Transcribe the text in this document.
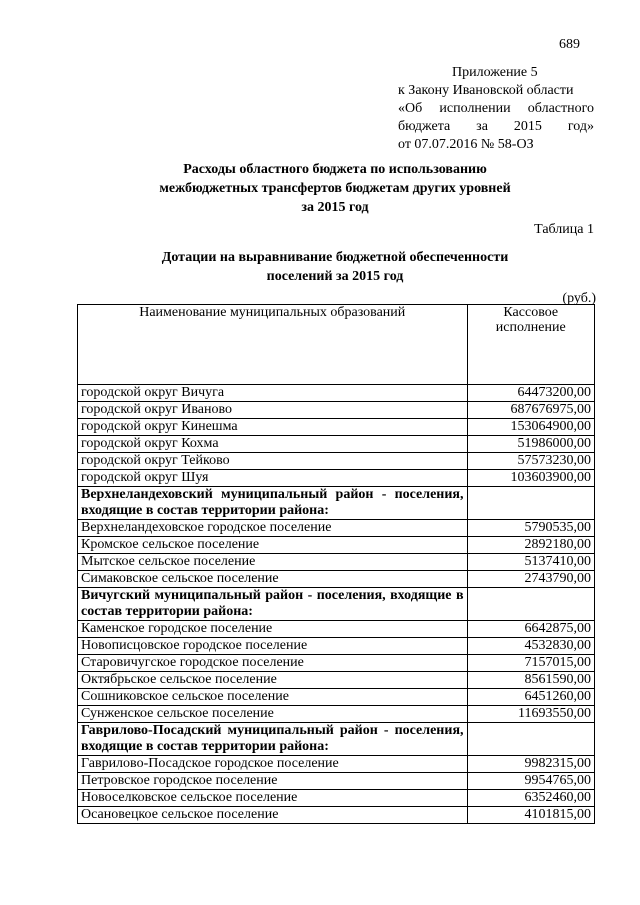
689
Приложение 5
к Закону Ивановской области
«Об исполнении областного
бюджета за 2015 год»
от 07.07.2016 № 58-ОЗ
Расходы областного бюджета по использованию
межбюджетных трансфертов бюджетам других уровней
за 2015 год
Таблица 1
Дотации на выравнивание бюджетной обеспеченности
поселений за 2015 год
(руб.)
Наименование муниципальных образований	Кассовое
исполнение

городской округ Вичуга	64473200,00
городской округ Иваново	687676975,00
городской округ Кинешма	153064900,00
городской округ Кохма	51986000,00
городской округ Тейково	57573230,00
городской округ Шуя	103603900,00
Верхнеландеховский муниципальный район - поселения, входящие в состав территории района:	
Верхнеландеховское городское поселение	5790535,00
Кромское сельское поселение	2892180,00
Мытское сельское поселение	5137410,00
Симаковское сельское поселение	2743790,00
Вичугский муниципальный район - поселения, входящие в состав территории района:	
Каменское городское поселение	6642875,00
Новописцовское городское поселение	4532830,00
Старовичугское городское поселение	7157015,00
Октябрьское сельское поселение	8561590,00
Сошниковское сельское поселение	6451260,00
Сунженское сельское поселение	11693550,00
Гаврилово-Посадский муниципальный район - поселения, входящие в состав территории района:	
Гаврилово-Посадское городское поселение	9982315,00
Петровское городское поселение	9954765,00
Новоселковское сельское поселение	6352460,00
Осановецкое сельское поселение	4101815,00
